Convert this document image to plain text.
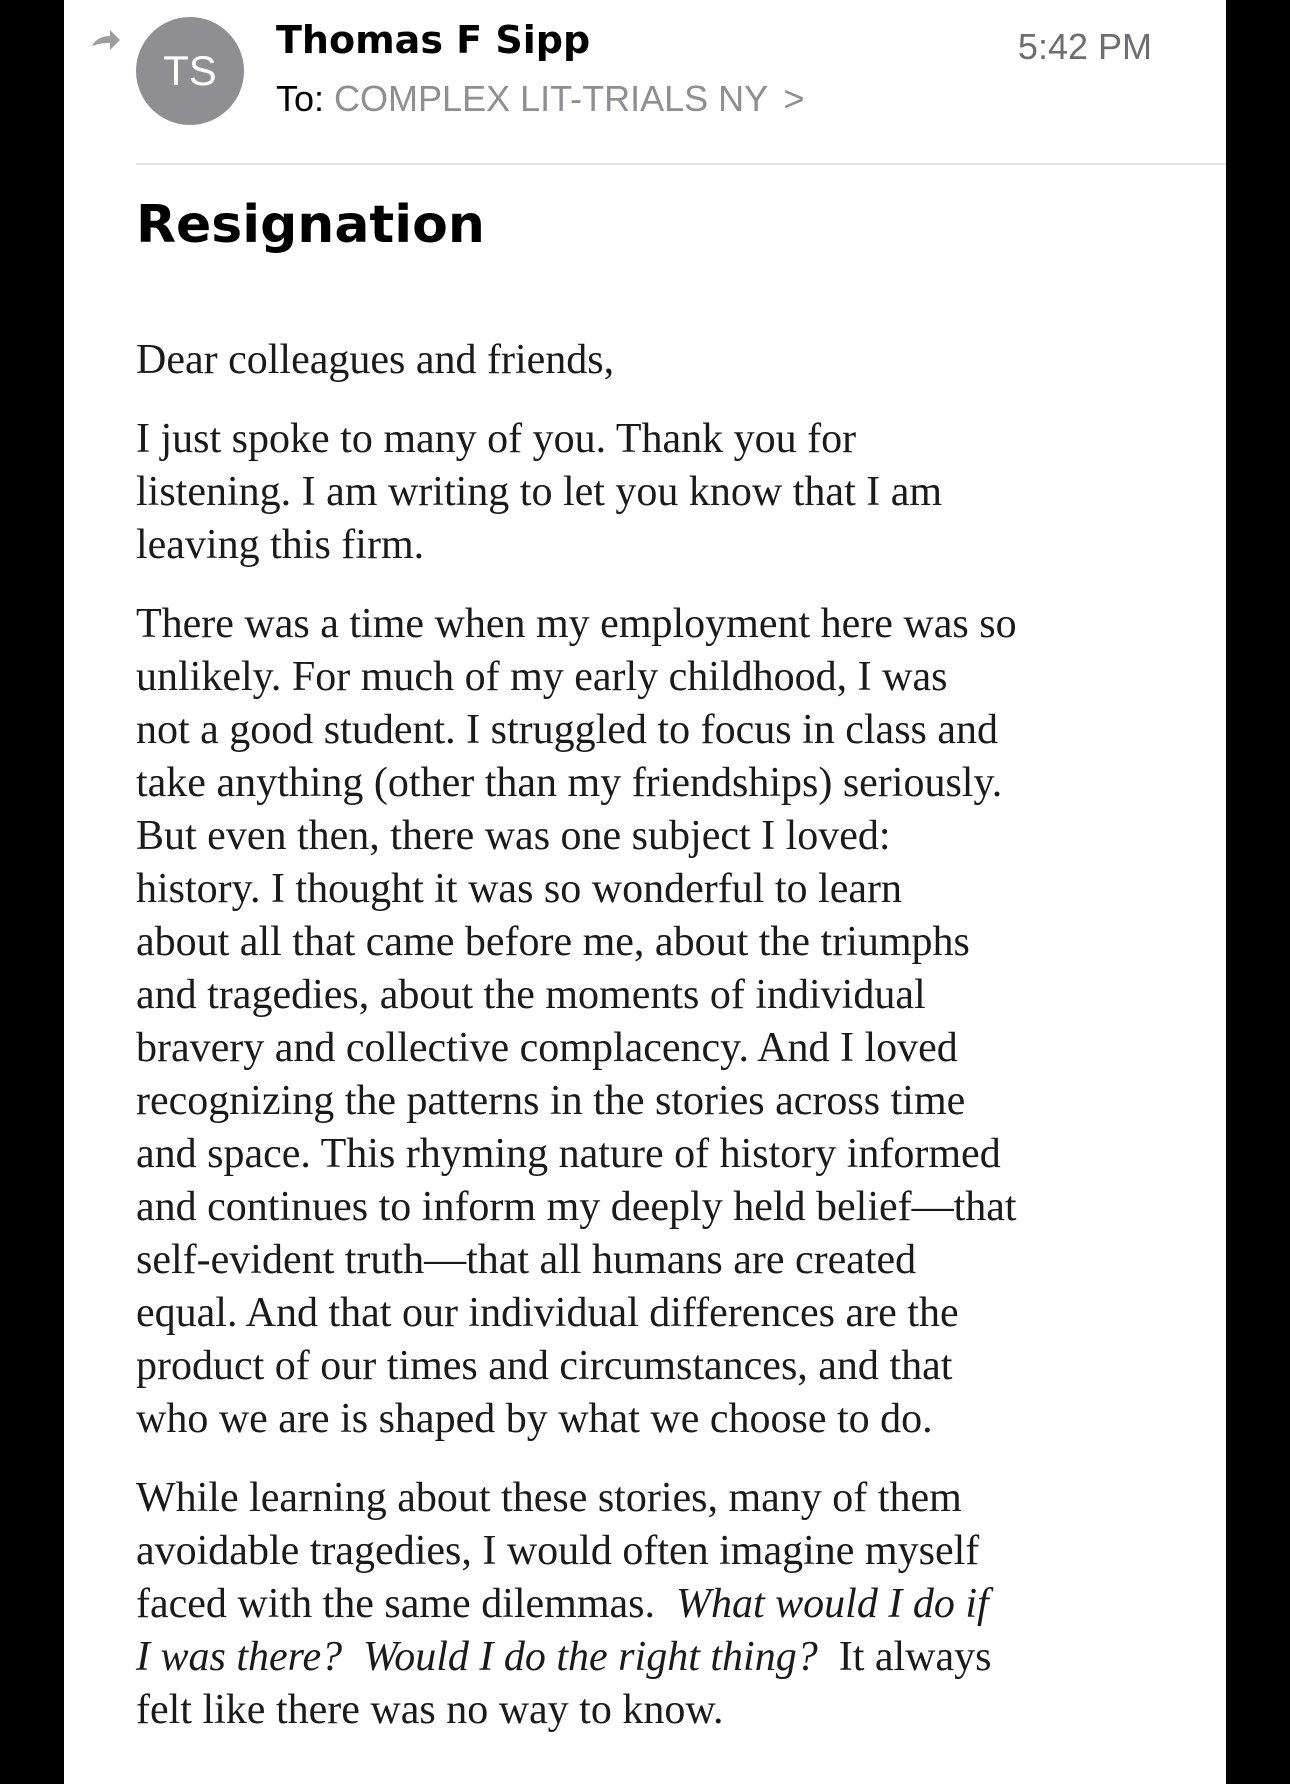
TS
Thomas F Sipp	5:42 PM
To: COMPLEX LIT-TRIALS NY >
Resignation

Dear colleagues and friends,

I just spoke to many of you. Thank you for
listening. I am writing to let you know that I am
leaving this firm.

There was a time when my employment here was so
unlikely. For much of my early childhood, I was
not a good student. I struggled to focus in class and
take anything (other than my friendships) seriously.
But even then, there was one subject I loved:
history. I thought it was so wonderful to learn
about all that came before me, about the triumphs
and tragedies, about the moments of individual
bravery and collective complacency. And I loved
recognizing the patterns in the stories across time
and space. This rhyming nature of history informed
and continues to inform my deeply held belief—that
self-evident truth—that all humans are created
equal. And that our individual differences are the
product of our times and circumstances, and that
who we are is shaped by what we choose to do.

While learning about these stories, many of them
avoidable tragedies, I would often imagine myself
faced with the same dilemmas.  What would I do if
I was there?  Would I do the right thing?  It always
felt like there was no way to know.
